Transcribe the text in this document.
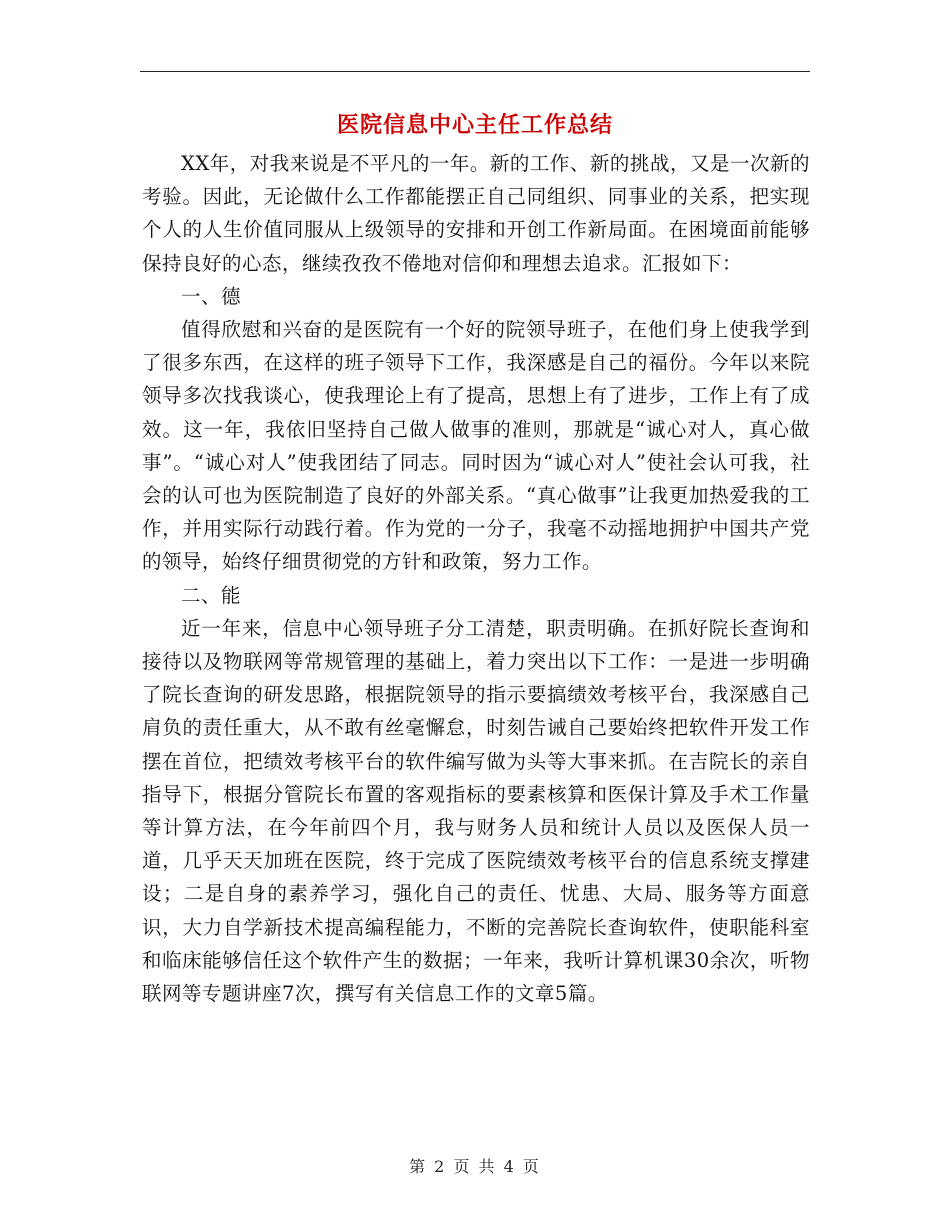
医院信息中心主任工作总结

XX年，对我来说是不平凡的一年。新的工作、新的挑战，又是一次新的考验。因此，无论做什么工作都能摆正自己同组织、同事业的关系，把实现个人的人生价值同服从上级领导的安排和开创工作新局面。在困境面前能够保持良好的心态，继续孜孜不倦地对信仰和理想去追求。汇报如下：

一、德

值得欣慰和兴奋的是医院有一个好的院领导班子，在他们身上使我学到了很多东西，在这样的班子领导下工作，我深感是自己的福份。今年以来院领导多次找我谈心，使我理论上有了提高，思想上有了进步，工作上有了成效。这一年，我依旧坚持自己做人做事的准则，那就是“诚心对人，真心做事”。“诚心对人”使我团结了同志。同时因为“诚心对人”使社会认可我，社会的认可也为医院制造了良好的外部关系。“真心做事”让我更加热爱我的工作，并用实际行动践行着。作为党的一分子，我毫不动摇地拥护中国共产党的领导，始终仔细贯彻党的方针和政策，努力工作。

二、能

近一年来，信息中心领导班子分工清楚，职责明确。在抓好院长查询和接待以及物联网等常规管理的基础上，着力突出以下工作：一是进一步明确了院长查询的研发思路，根据院领导的指示要搞绩效考核平台，我深感自己肩负的责任重大，从不敢有丝毫懈怠，时刻告诫自己要始终把软件开发工作摆在首位，把绩效考核平台的软件编写做为头等大事来抓。在吉院长的亲自指导下，根据分管院长布置的客观指标的要素核算和医保计算及手术工作量等计算方法，在今年前四个月，我与财务人员和统计人员以及医保人员一道，几乎天天加班在医院，终于完成了医院绩效考核平台的信息系统支撑建设；二是自身的素养学习，强化自己的责任、忧患、大局、服务等方面意识，大力自学新技术提高编程能力，不断的完善院长查询软件，使职能科室和临床能够信任这个软件产生的数据；一年来，我听计算机课30余次，听物联网等专题讲座7次，撰写有关信息工作的文章5篇。

第 2 页 共 4 页
